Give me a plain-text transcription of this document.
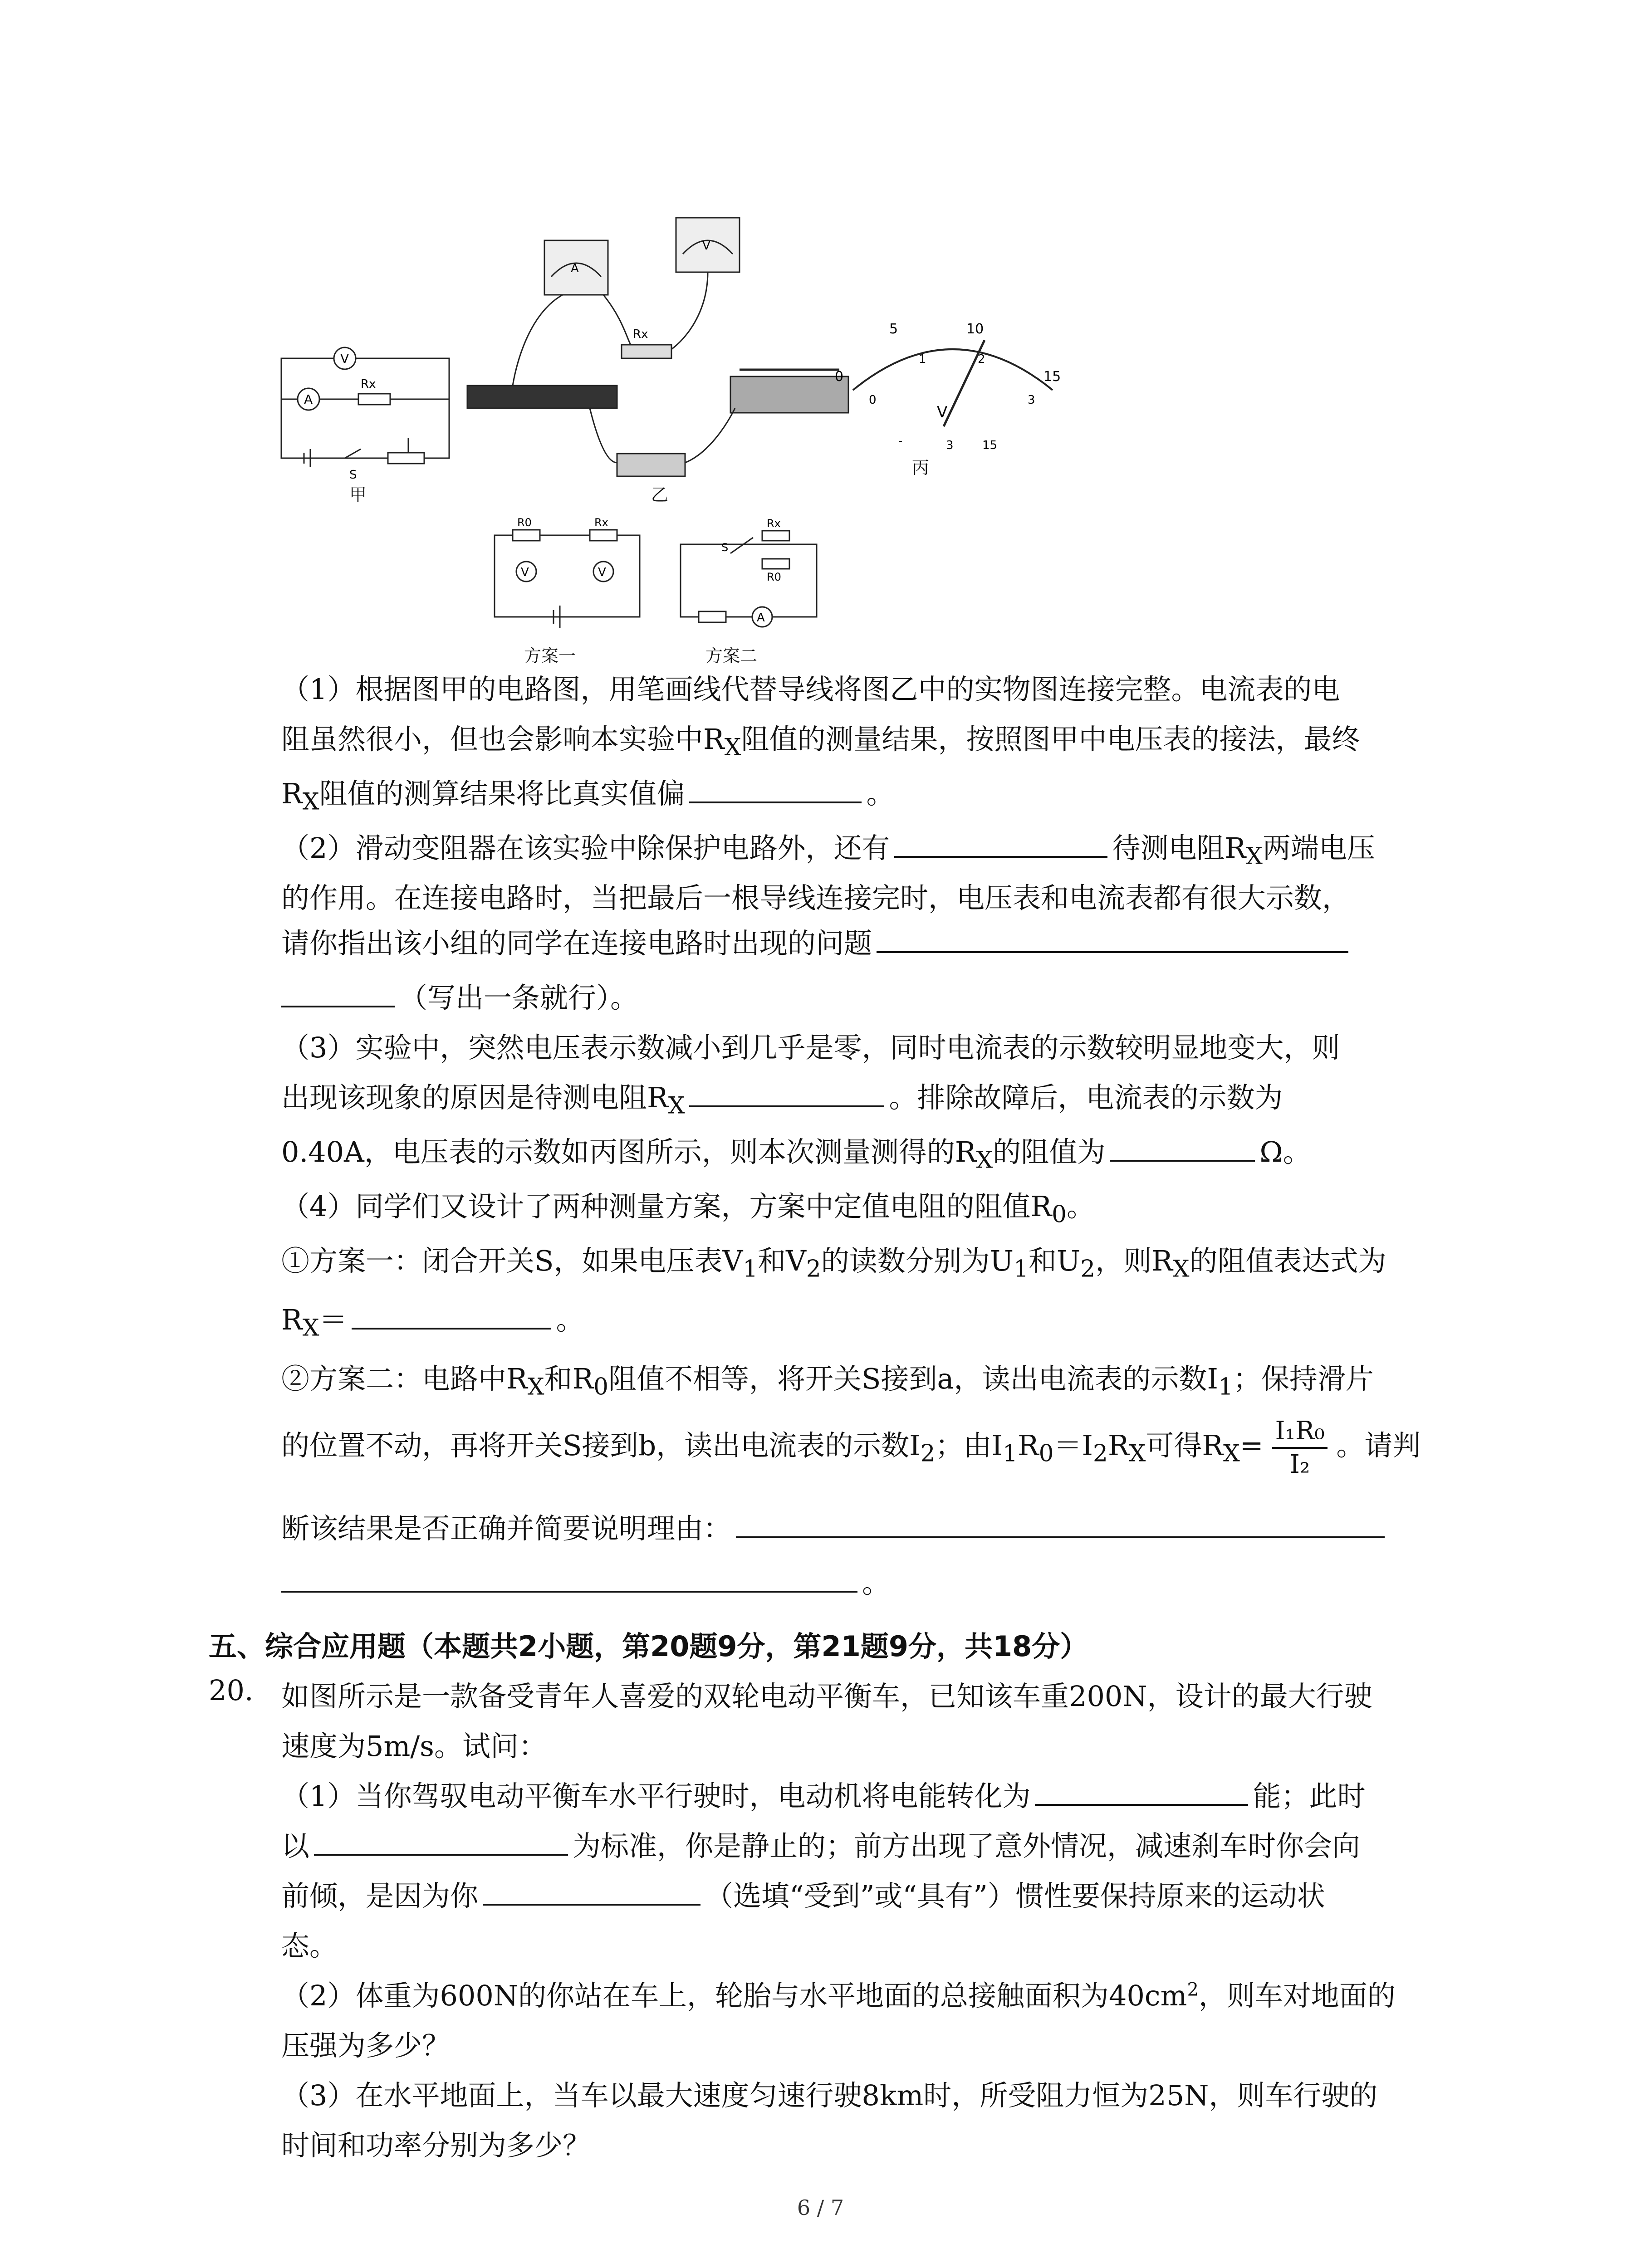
V
A
Rx
S
甲
A
V
Rx
乙
0
5	10
15
0
1	2
3
V
-	3 15
丙
V	V
R0	Rx
方案一
A
Rx
R0
S
方案二
（1）根据图甲的电路图，用笔画线代替导线将图乙中的实物图连接完整。电流表的电
阻虽然很小，但也会影响本实验中$R_X$阻值的测量结果，按照图甲中电压表的接法，最终
$R_X$阻值的测算结果将比真实值偏	。
（2）滑动变阻器在该实验中除保护电路外，还有	待测电阻$R_X$两端电压
的作用。在连接电路时，当把最后一根导线连接完时，电压表和电流表都有很大示数，
请你指出该小组的同学在连接电路时出现的问题
（写出一条就行）。
（3）实验中，突然电压表示数减小到几乎是零，同时电流表的示数较明显地变大，则
出现该现象的原因是待测电阻$R_X$	。排除故障后，电流表的示数为
0.40A，电压表的示数如丙图所示，则本次测量测得的$R_X$的阻值为	Ω。
（4）同学们又设计了两种测量方案，方案中定值电阻的阻值$R_0$。
①方案一：闭合开关S，如果电压表$V_1$和$V_2$的读数分别为$U_1$和$U_2$，则$R_X$的阻值表达式为
$R_X=$	。
②方案二：电路中$R_X$和$R_0$阻值不相等，将开关S接到a，读出电流表的示数$I_1$；保持滑片
的位置不动，再将开关S接到b，读出电流表的示数$I_2$；由$I_1R_0=I_2R_X$可得$R_X= \frac{\text{I₁R₀}}{\text{I₂}}$ 。请判
断该结果是否正确并简要说明理由：
。
五、综合应用题（本题共2小题，第20题9分，第21题9分，共18分）
20. 如图所示是一款备受青年人喜爱的双轮电动平衡车，已知该车重200N，设计的最大行驶
速度为5m/s。试问：
（1）当你驾驭电动平衡车水平行驶时，电动机将电能转化为	能；此时
以	为标准，你是静止的；前方出现了意外情况，减速刹车时你会向
前倾，是因为你	（选填“受到”或“具有”）惯性要保持原来的运动状
态。
（2）体重为600N的你站在车上，轮胎与水平地面的总接触面积为$40cm^2$，则车对地面的
压强为多少？
（3）在水平地面上，当车以最大速度匀速行驶8km时，所受阻力恒为25N，则车行驶的
时间和功率分别为多少？
6 / 7
